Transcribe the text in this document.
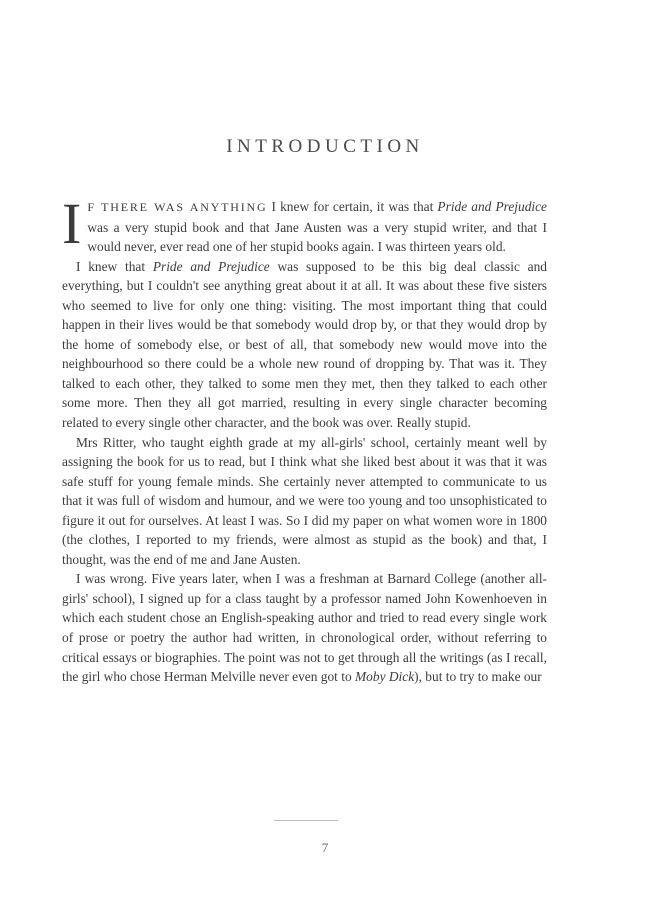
INTRODUCTION

I F THERE WAS ANYTHING I knew for certain, it was that Pride and Prejudice was a very stupid book and that Jane Austen was a very stupid writer, and that I would never, ever read one of her stupid books again. I was thirteen years old.

I knew that Pride and Prejudice was supposed to be this big deal classic and everything, but I couldn't see anything great about it at all. It was about these five sisters who seemed to live for only one thing: visiting. The most important thing that could happen in their lives would be that somebody would drop by, or that they would drop by the home of somebody else, or best of all, that somebody new would move into the neighbourhood so there could be a whole new round of dropping by. That was it. They talked to each other, they talked to some men they met, then they talked to each other some more. Then they all got married, resulting in every single character becoming related to every single other character, and the book was over. Really stupid.

Mrs Ritter, who taught eighth grade at my all-girls' school, certainly meant well by assigning the book for us to read, but I think what she liked best about it was that it was safe stuff for young female minds. She certainly never attempted to communicate to us that it was full of wisdom and humour, and we were too young and too unsophisticated to figure it out for ourselves. At least I was. So I did my paper on what women wore in 1800 (the clothes, I reported to my friends, were almost as stupid as the book) and that, I thought, was the end of me and Jane Austen.

I was wrong. Five years later, when I was a freshman at Barnard College (another all-girls' school), I signed up for a class taught by a professor named John Kowenhoeven in which each student chose an English-speaking author and tried to read every single work of prose or poetry the author had written, in chronological order, without referring to critical essays or biographies. The point was not to get through all the writings (as I recall, the girl who chose Herman Melville never even got to Moby Dick), but to try to make our

7
